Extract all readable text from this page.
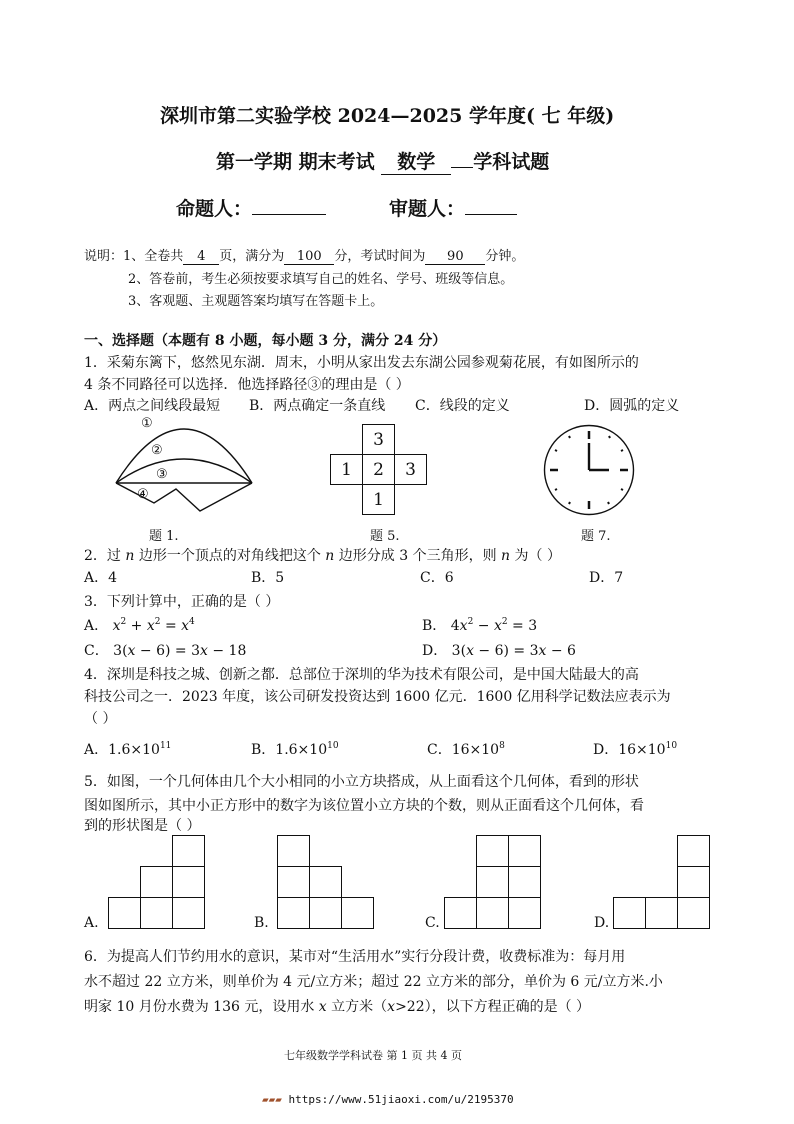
深圳市第二实验学校 2024—2025 学年度( 七 年级)
第一学期 期末考试 数学 学科试题
命题人：	审题人：
说明：1、全卷共 4 页，满分为 100 分，考试时间为 90 分钟。
2、答卷前，考生必须按要求填写自己的姓名、学号、班级等信息。
3、客观题、主观题答案均填写在答题卡上。
一、选择题（本题有 8 小题，每小题 3 分，满分 24 分）
1．采菊东篱下，悠然见东湖．周末，小明从家出发去东湖公园参观菊花展，有如图所示的
4 条不同路径可以选择．他选择路径③的理由是（ ）
A．两点之间线段最短 B．两点确定一条直线 C．线段的定义	D．圆弧的定义
①
②
③
④
3
1	2	3
1
题 1.	题 5.	题 7.
2．过 n 边形一个顶点的对角线把这个 n 边形分成 3 个三角形，则 n 为（ ）
A．4	B．5	C．6	D．7
3．下列计算中，正确的是（ ）
A． $x^2 + x^2 = x^4$	B． $4x^2 - x^2 = 3$
C． 3(x − 6) = 3x − 18	D． 3(x − 6) = 3x − 6
4．深圳是科技之城、创新之都．总部位于深圳的华为技术有限公司，是中国大陆最大的高
科技公司之一．2023 年度，该公司研发投资达到 1600 亿元．1600 亿用科学记数法应表示为
（ ）
A．$1.6\times 10^{11}$	B．$1.6\times 10^{10}$	C．$16\times 10^8$	D．$16\times 10^{10}$
5．如图，一个几何体由几个大小相同的小立方块搭成，从上面看这个几何体，看到的形状
图如图所示，其中小正方形中的数字为该位置小立方块的个数，则从正面看这个几何体，看
到的形状图是（ ）
A.	B.	C.	D.
6．为提高人们节约用水的意识，某市对“生活用水”实行分段计费，收费标准为：每月用
水不超过 22 立方米，则单价为 4 元/立方米；超过 22 立方米的部分，单价为 6 元/立方米.小
明家 10 月份水费为 136 元，设用水 x 立方米（x>22），以下方程正确的是（ ）
七年级数学学科试卷 第 1 页 共 4 页
▰▰▰ https://www.51jiaoxi.com/u/2195370
